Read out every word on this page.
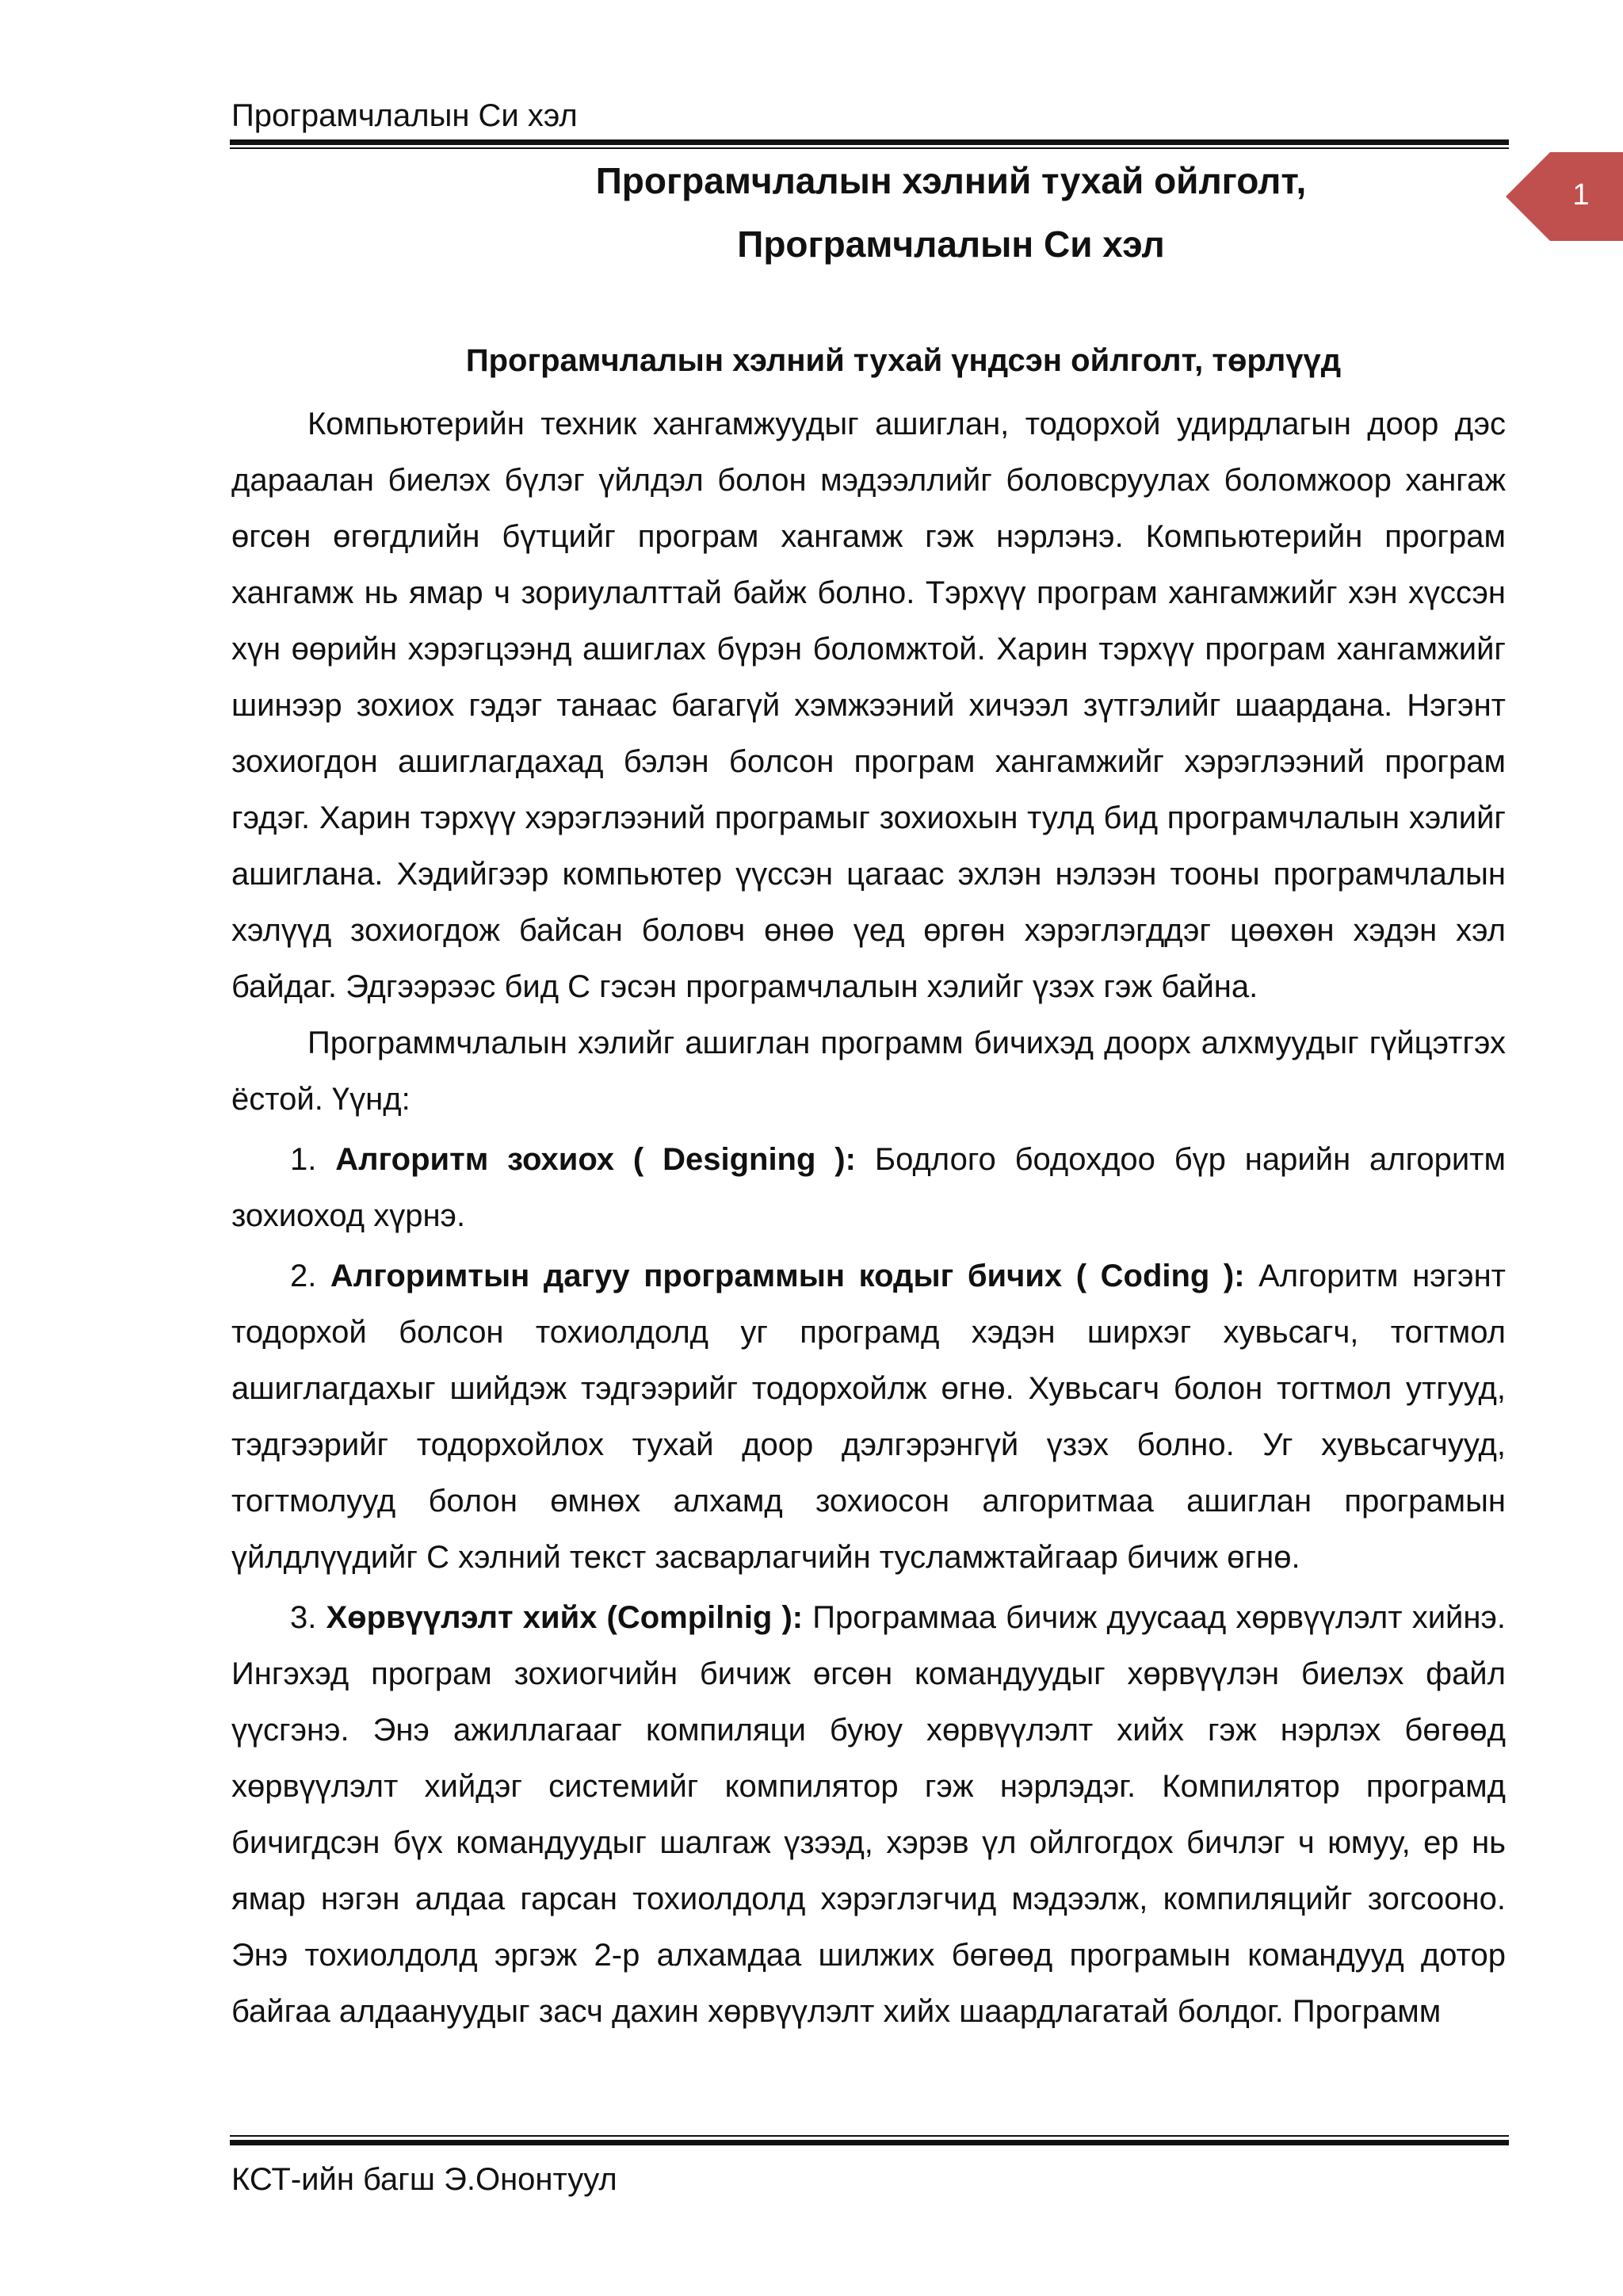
Програмчлалын Си хэл
1
Програмчлалын хэлний тухай ойлголт,
Програмчлалын Си хэл
Програмчлалын хэлний тухай үндсэн ойлголт, төрлүүд

Компьютерийн техник хангамжуудыг ашиглан, тодорхой удирдлагын доор дэс дараалан биелэх бүлэг үйлдэл болон мэдээллийг боловсруулах боломжоор хангаж өгсөн өгөгдлийн бүтцийг програм хангамж гэж нэрлэнэ. Компьютерийн програм хангамж нь ямар ч зориулалттай байж болно. Тэрхүү програм хангамжийг хэн хүссэн хүн өөрийн хэрэгцээнд ашиглах бүрэн боломжтой. Харин тэрхүү програм хангамжийг шинээр зохиох гэдэг танаас багагүй хэмжээний хичээл зүтгэлийг шаардана. Нэгэнт зохиогдон ашиглагдахад бэлэн болсон програм хангамжийг хэрэглээний програм гэдэг. Харин тэрхүү хэрэглээний програмыг зохиохын тулд бид програмчлалын хэлийг ашиглана. Хэдийгээр компьютер үүссэн цагаас эхлэн нэлээн тооны програмчлалын хэлүүд зохиогдож байсан боловч өнөө үед өргөн хэрэглэгддэг цөөхөн хэдэн хэл байдаг. Эдгээрээс бид C гэсэн програмчлалын хэлийг үзэх гэж байна.

Программчлалын хэлийг ашиглан программ бичихэд доорх алхмуудыг гүйцэтгэх ёстой. Үүнд:

1. Алгоритм зохиох ( Designing ): Бодлого бодохдоо бүр нарийн алгоритм зохиоход хүрнэ.

2. Алгоримтын дагуу программын кодыг бичих ( Coding ): Алгоритм нэгэнт тодорхой болсон тохиолдолд уг програмд хэдэн ширхэг хувьсагч, тогтмол ашиглагдахыг шийдэж тэдгээрийг тодорхойлж өгнө. Хувьсагч болон тогтмол утгууд, тэдгээрийг тодорхойлох тухай доор дэлгэрэнгүй үзэх болно. Уг хувьсагчууд, тогтмолууд болон өмнөх алхамд зохиосон алгоритмаа ашиглан програмын үйлдлүүдийг C хэлний текст засварлагчийн тусламжтайгаар бичиж өгнө.

3. Хөрвүүлэлт хийх (Compilnig ): Программаа бичиж дуусаад хөрвүүлэлт хийнэ. Ингэхэд програм зохиогчийн бичиж өгсөн командуудыг хөрвүүлэн биелэх файл үүсгэнэ. Энэ ажиллагааг компиляци буюу хөрвүүлэлт хийх гэж нэрлэх бөгөөд хөрвүүлэлт хийдэг системийг компилятор гэж нэрлэдэг. Компилятор програмд бичигдсэн бүх командуудыг шалгаж үзээд, хэрэв үл ойлгогдох бичлэг ч юмуу, ер нь ямар нэгэн алдаа гарсан тохиолдолд хэрэглэгчид мэдээлж, компиляцийг зогсооно. Энэ тохиолдолд эргэж 2-р алхамдаа шилжих бөгөөд програмын командууд дотор байгаа алдаануудыг засч дахин хөрвүүлэлт хийх шаардлагатай болдог. Программ

КСТ-ийн багш Э.Ононтуул
